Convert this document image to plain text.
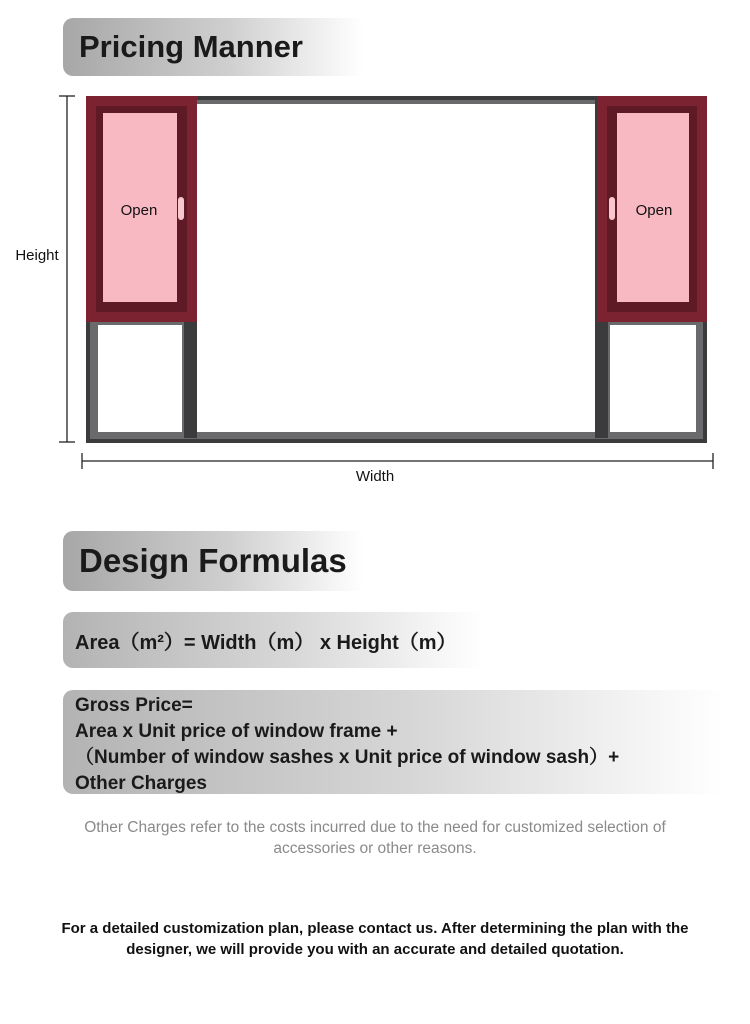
Pricing Manner
Height
Width
Open	Open
Design Formulas
Area（m²）= Width（m） x Height（m）
Gross Price=
Area x Unit price of window frame +
（Number of window sashes x Unit price of window sash）+
Other Charges
Other Charges refer to the costs incurred due to the need for customized selection of accessories or other reasons.
For a detailed customization plan, please contact us. After determining the plan with the designer, we will provide you with an accurate and detailed quotation.
